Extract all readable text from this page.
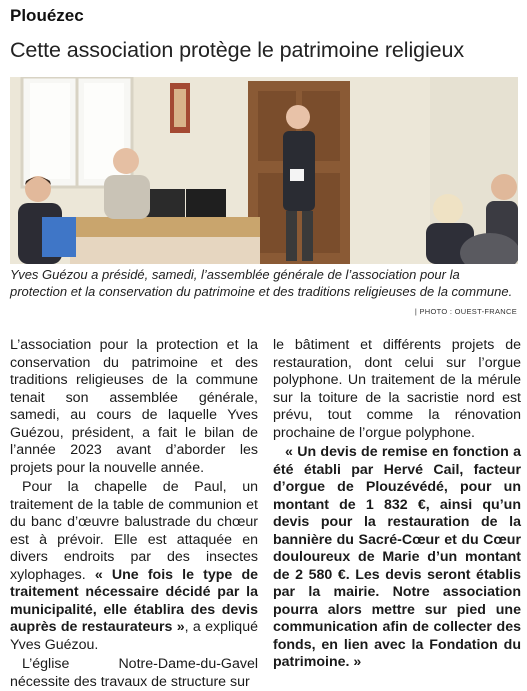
Plouézec
Cette association protège le patrimoine religieux
Yves Guézou a présidé, samedi, l’assemblée générale de l’association pour la protection et la conservation du patrimoine et des traditions religieuses de la commune.
| PHOTO : OUEST-FRANCE

L’association pour la protection et la conservation du patrimoine et des traditions religieuses de la commune tenait son assemblée générale, samedi, au cours de laquelle Yves Guézou, président, a fait le bilan de l’année 2023 avant d’aborder les projets pour la nouvelle année.

Pour la chapelle de Paul, un traitement de la table de communion et du banc d’œuvre balustrade du chœur est à prévoir. Elle est attaquée en divers endroits par des insectes xylophages. « Une fois le type de traitement nécessaire décidé par la municipalité, elle établira des devis auprès de restaurateurs », a expliqué Yves Guézou.

L’église Notre-Dame-du-Gavel nécessite des travaux de structure sur

le bâtiment et différents projets de restauration, dont celui sur l’orgue polyphone. Un traitement de la mérule sur la toiture de la sacristie nord est prévu, tout comme la rénovation prochaine de l’orgue polyphone.

« Un devis de remise en fonction a été établi par Hervé Cail, facteur d’orgue de Plouzévédé, pour un montant de 1 832 €, ainsi qu’un devis pour la restauration de la bannière du Sacré-Cœur et du Cœur douloureux de Marie d’un montant de 2 580 €. Les devis seront établis par la mairie. Notre association pourra alors mettre sur pied une communication afin de collecter des fonds, en lien avec la Fondation du patrimoine. »
